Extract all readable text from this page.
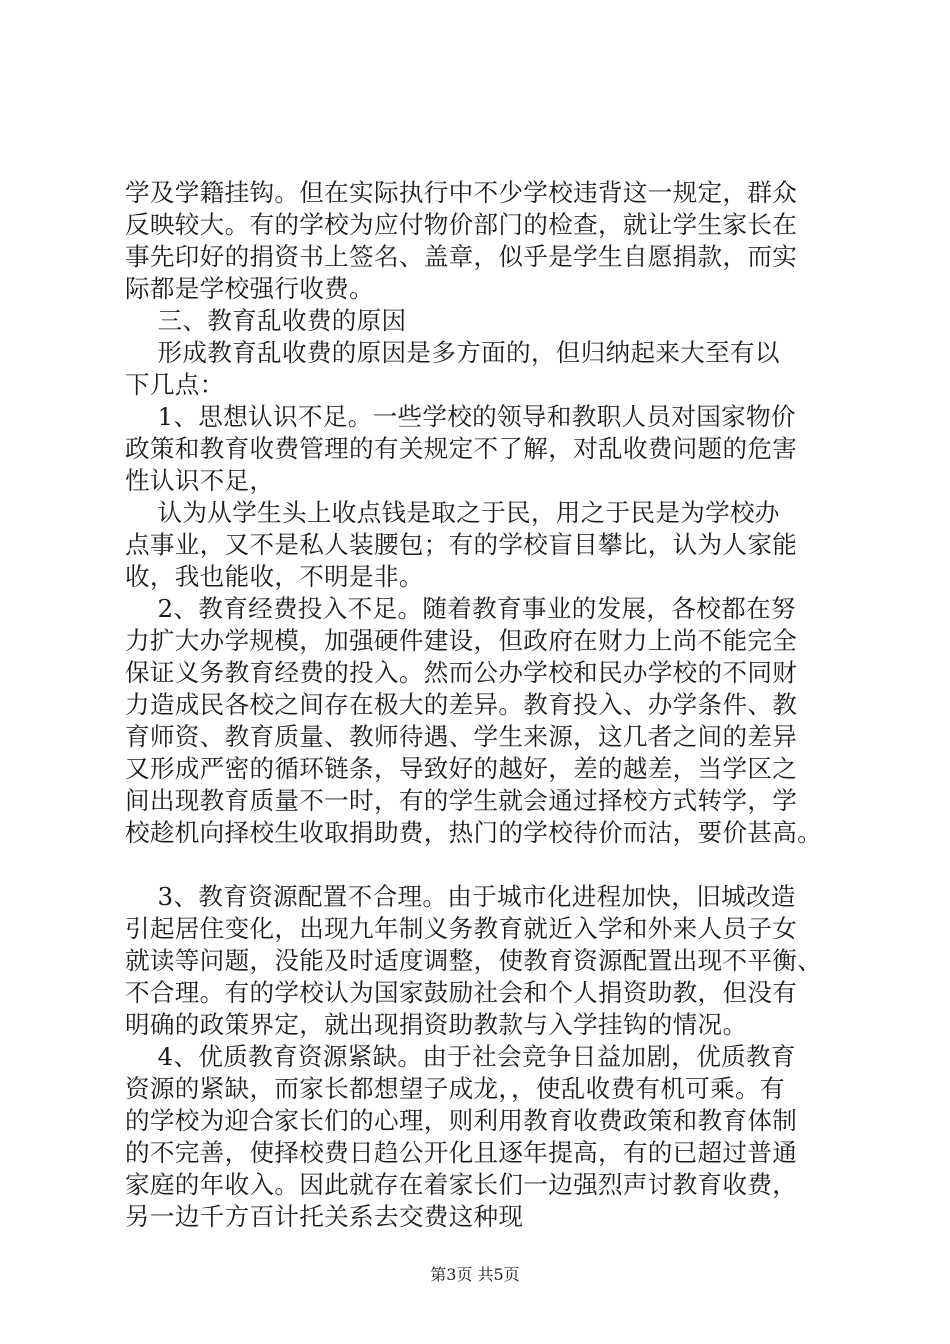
学及学籍挂钩。但在实际执行中不少学校违背这一规定，群众
反映较大。有的学校为应付物价部门的检查，就让学生家长在
事先印好的捐资书上签名、盖章，似乎是学生自愿捐款，而实
际都是学校强行收费。
三、教育乱收费的原因
形成教育乱收费的原因是多方面的，但归纳起来大至有以
下几点：
1、思想认识不足。一些学校的领导和教职人员对国家物价
政策和教育收费管理的有关规定不了解，对乱收费问题的危害
性认识不足，
认为从学生头上收点钱是取之于民，用之于民是为学校办
点事业，又不是私人装腰包；有的学校盲目攀比，认为人家能
收，我也能收，不明是非。
2、教育经费投入不足。随着教育事业的发展，各校都在努
力扩大办学规模，加强硬件建设，但政府在财力上尚不能完全
保证义务教育经费的投入。然而公办学校和民办学校的不同财
力造成民各校之间存在极大的差异。教育投入、办学条件、教
育师资、教育质量、教师待遇、学生来源，这几者之间的差异
又形成严密的循环链条，导致好的越好，差的越差，当学区之
间出现教育质量不一时，有的学生就会通过择校方式转学，学
校趁机向择校生收取捐助费，热门的学校待价而沽，要价甚高。
3、教育资源配置不合理。由于城市化进程加快，旧城改造
引起居住变化，出现九年制义务教育就近入学和外来人员子女
就读等问题，没能及时适度调整，使教育资源配置出现不平衡、
不合理。有的学校认为国家鼓励社会和个人捐资助教，但没有
明确的政策界定，就出现捐资助教款与入学挂钩的情况。
4、优质教育资源紧缺。由于社会竞争日益加剧，优质教育
资源的紧缺，而家长都想望子成龙，，使乱收费有机可乘。有
的学校为迎合家长们的心理，则利用教育收费政策和教育体制
的不完善，使择校费日趋公开化且逐年提高，有的已超过普通
家庭的年收入。因此就存在着家长们一边强烈声讨教育收费，
另一边千方百计托关系去交费这种现
第3页 共5页
